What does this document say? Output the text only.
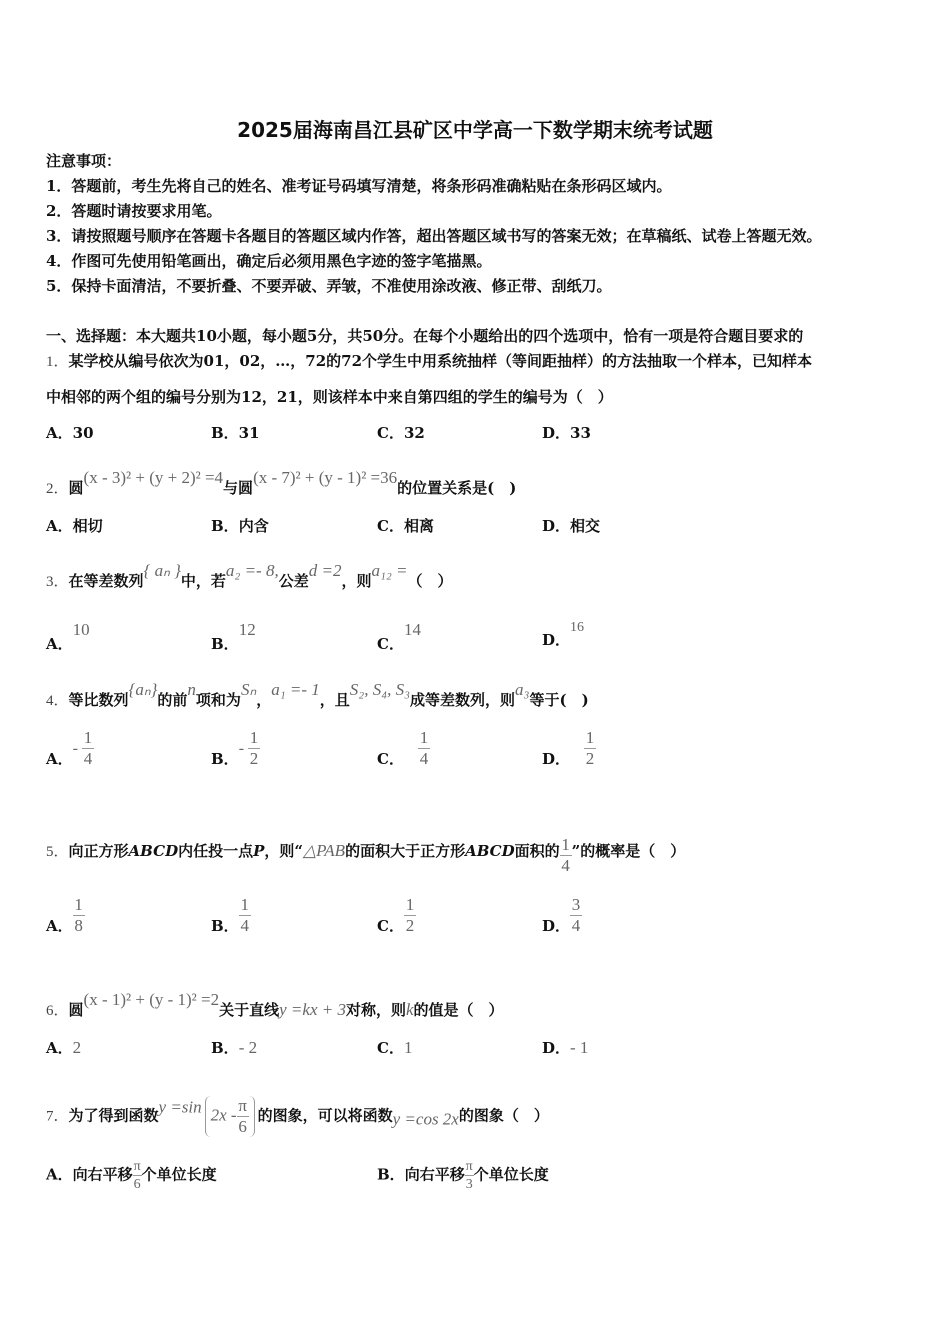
2025届海南昌江县矿区中学高一下数学期末统考试题
注意事项：
1．答题前，考生先将自己的姓名、准考证号码填写清楚，将条形码准确粘贴在条形码区域内。
2．答题时请按要求用笔。
3．请按照题号顺序在答题卡各题目的答题区域内作答，超出答题区域书写的答案无效；在草稿纸、试卷上答题无效。
4．作图可先使用铅笔画出，确定后必须用黑色字迹的签字笔描黑。
5．保持卡面清洁，不要折叠、不要弄破、弄皱，不准使用涂改液、修正带、刮纸刀。
一、选择题：本大题共10小题，每小题5分，共50分。在每个小题给出的四个选项中，恰有一项是符合题目要求的
1．某学校从编号依次为01，02，…，72的72个学生中用系统抽样（等间距抽样）的方法抽取一个样本，已知样本
中相邻的两个组的编号分别为12，21，则该样本中来自第四组的学生的编号为（　）
A．30	B．31	C．32	D．33
2．圆(x - 3)² + (y + 2)² =4与圆(x - 7)² + (y - 1)² =36的位置关系是(　)
A．相切	B．内含	C．相离	D．相交
3．在等差数列{ aₙ }中，若a₂ =- 8,公差d =2，则a₁₂ =（　）
A．10
B．12
C．14
D．16
4．等比数列{aₙ}的前n项和为Sₙ，a₁ =- 1，且S₂, S₄, S₃成等差数列，则a₃等于(　)
A．- $\frac{1}{4}$	B．- $\frac{1}{2}$	C． $\frac{1}{4}$	D． $\frac{1}{2}$
5．向正方形ABCD内任投一点P，则“△PAB的面积大于正方形ABCD面积的 $\frac{1}{4}$ ”的概率是（　）
A． $\frac{1}{8}$	B． $\frac{1}{4}$	C． $\frac{1}{2}$	D． $\frac{3}{4}$
6．圆(x - 1)² + (y - 1)² =2关于直线y =kx + 3对称，则k的值是（　）
A．2	B．- 2	C．1	D．- 1
7．为了得到函数y =sin $2x - \frac{\pi}{6}$ 的图象，可以将函数y =cos 2x的图象（　）
A．向右平移 $\frac{\pi}{6}$ 个单位长度	B．向右平移 $\frac{\pi}{3}$ 个单位长度
